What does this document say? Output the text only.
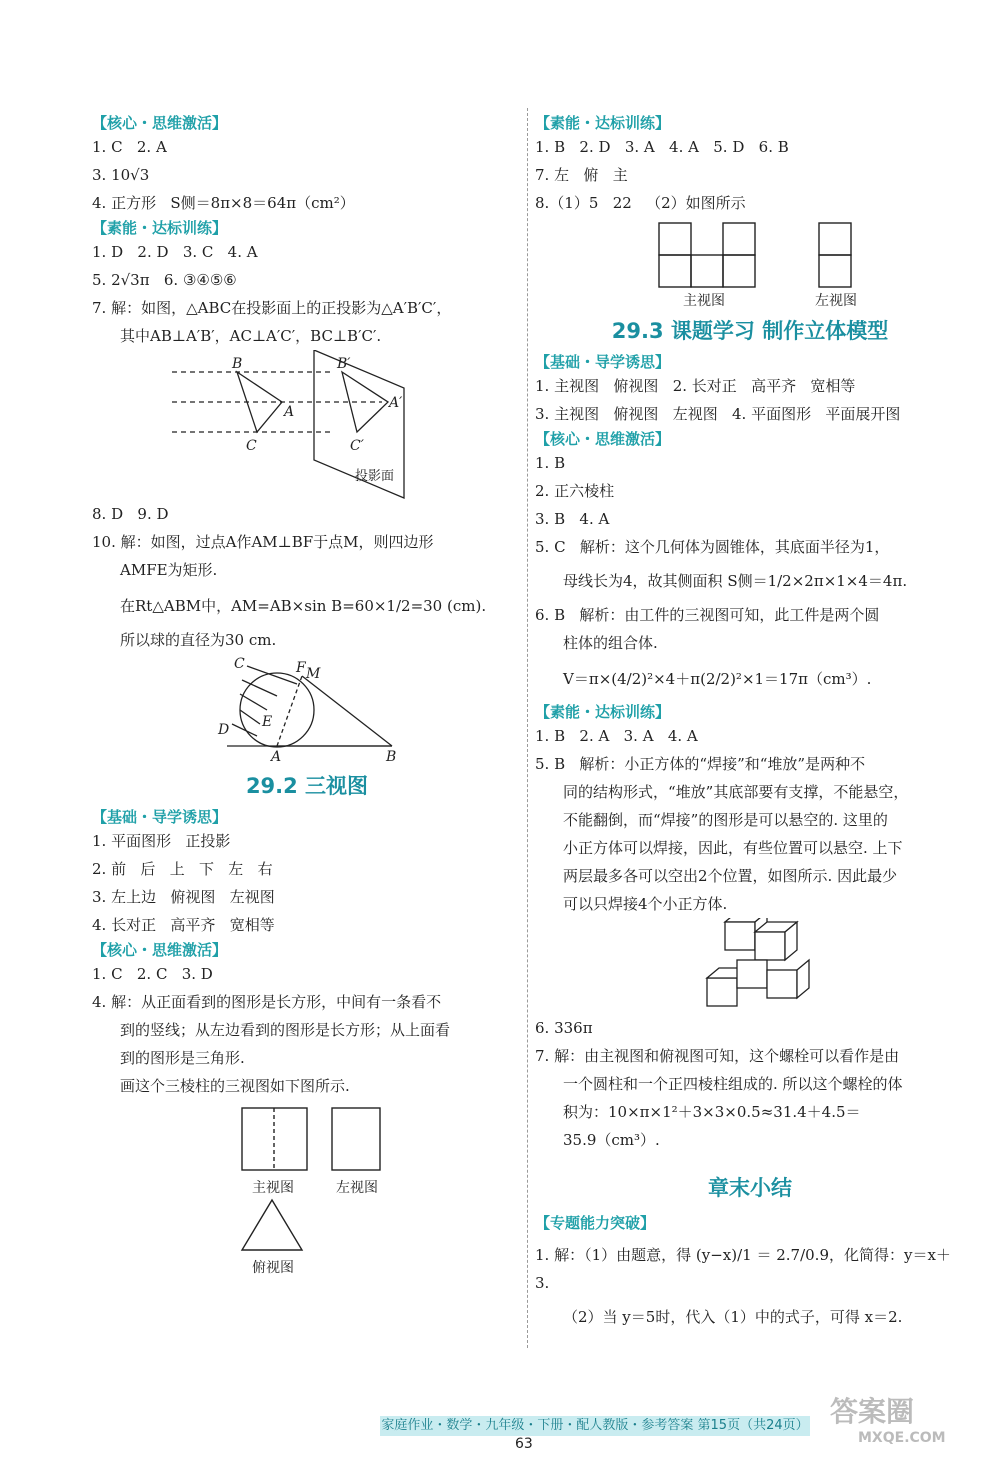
【核心・思维激活】

1. C   2. A

3. 10√3

4. 正方形   S侧＝8π×8＝64π（cm²）

【素能・达标训练】

1. D   2. D   3. C   4. A

5. 2√3π   6. ③④⑤⑥

7. 解：如图，△ABC在投影面上的正投影为△A′B′C′，

其中AB⊥A′B′，AC⊥A′C′，BC⊥B′C′.

B
A
C
B′
A′
C′
投影面

8. D   9. D

10. 解：如图，过点A作AM⊥BF于点M，则四边形

AMFE为矩形.

在Rt△ABM中，AM=AB×sin B=60×1/2=30 (cm).

所以球的直径为30 cm.

C	F M
E
D
A	B

29.2 三视图

【基础・导学诱思】

1. 平面图形   正投影

2. 前   后   上   下   左   右

3. 左上边   俯视图   左视图

4. 长对正   高平齐   宽相等

【核心・思维激活】

1. C   2. C   3. D

4. 解：从正面看到的图形是长方形，中间有一条看不

到的竖线；从左边看到的图形是长方形；从上面看

到的图形是三角形.

画这个三棱柱的三视图如下图所示.

主视图	左视图
俯视图

【素能・达标训练】

1. B   2. D   3. A   4. A   5. D   6. B

7. 左   俯   主

8.（1）5   22   （2）如图所示

主视图	左视图

29.3 课题学习 制作立体模型

【基础・导学诱思】

1. 主视图   俯视图   2. 长对正   高平齐   宽相等

3. 主视图   俯视图   左视图   4. 平面图形   平面展开图

【核心・思维激活】

1. B

2. 正六棱柱

3. B   4. A

5. C   解析：这个几何体为圆锥体，其底面半径为1，

母线长为4，故其侧面积 S侧＝1/2×2π×1×4＝4π.

6. B   解析：由工件的三视图可知，此工件是两个圆

柱体的组合体.

V＝π×(4/2)²×4＋π(2/2)²×1＝17π（cm³）.

【素能・达标训练】

1. B   2. A   3. A   4. A

5. B   解析：小正方体的“焊接”和“堆放”是两种不

同的结构形式，“堆放”其底部要有支撑，不能悬空，

不能翻倒，而“焊接”的图形是可以悬空的. 这里的

小正方体可以焊接，因此，有些位置可以悬空. 上下

两层最多各可以空出2个位置，如图所示. 因此最少

可以只焊接4个小正方体.

6. 336π

7. 解：由主视图和俯视图可知，这个螺栓可以看作是由

一个圆柱和一个正四棱柱组成的. 所以这个螺栓的体

积为：10×π×1²＋3×3×0.5≈31.4＋4.5＝

35.9（cm³）.

章末小结

【专题能力突破】

1. 解：（1）由题意，得 (y−x)/1 ＝ 2.7/0.9，化简得：y＝x＋3.

（2）当 y＝5时，代入（1）中的式子，可得 x＝2.

家庭作业・数学・九年级・下册・配人教版・参考答案 第15页（共24页）
63
答案圈
MXQE.COM
